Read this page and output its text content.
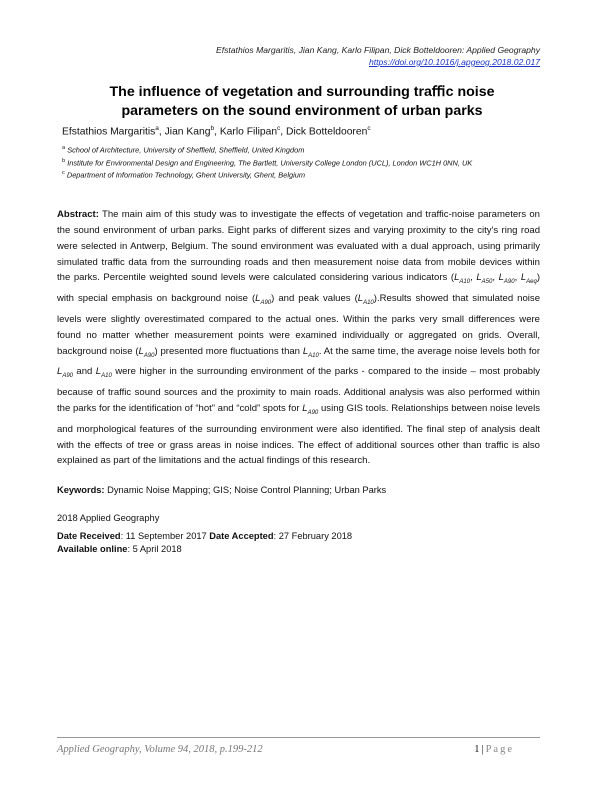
Efstathios Margaritis, Jian Kang, Karlo Filipan, Dick Botteldooren: Applied Geography
https://doi.org/10.1016/j.apgeog.2018.02.017
The influence of vegetation and surrounding traﬃc noise
parameters on the sound environment of urban parks
Efstathios Margaritis$^a$, Jian Kang$^b$, Karlo Filipan$^c$, Dick Botteldooren$^c$
$^a$ School of Architecture, University of Sheffield, Sheffield, United Kingdom
$^b$ Institute for Environmental Design and Engineering, The Bartlett, University College London (UCL), London WC1H 0NN, UK
$^c$ Department of Information Technology, Ghent University, Ghent, Belgium
Abstract: The main aim of this study was to investigate the effects of vegetation and traffic-noise parameters on the sound environment of urban parks. Eight parks of different sizes and varying proximity to the city's ring road were selected in Antwerp, Belgium. The sound environment was evaluated with a dual approach, using primarily simulated traffic data from the surrounding roads and then measurement noise data from mobile devices within the parks. Percentile weighted sound levels were calculated considering various indicators ($L_{A10}$, $L_{A50}$, $L_{A90}$, $L_{Aeq}$) with special emphasis on background noise $(L_{A90})$ and peak values $(L_{A10}).Results$ showed that simulated noise levels were slightly overestimated compared to the actual ones. Within the parks very small differences were found no matter whether measurement points were examined individually or aggregated on grids. Overall, background noise $(L_{A90})$ presented more fluctuations than $L_{A10}$. At the same time, the average noise levels both for $L_{A90}$ and $L_{A10}$ were higher in the surrounding environment of the parks - compared to the inside – most probably because of traffic sound sources and the proximity to main roads. Additional analysis was also performed within the parks for the identification of “hot” and “cold” spots for $L_{A90}$ using GIS tools. Relationships between noise levels and morphological features of the surrounding environment were also identified. The final step of analysis dealt with the effects of tree or grass areas in noise indices. The effect of additional sources other than traffic is also explained as part of the limitations and the actual findings of this research.
Keywords: Dynamic Noise Mapping; GIS; Noise Control Planning; Urban Parks
2018 Applied Geography
Date Received: 11 September 2017 Date Accepted: 27 February 2018
Available online: 5 April 2018
Applied Geography, Volume 94, 2018, p.199-212	1 | Page
